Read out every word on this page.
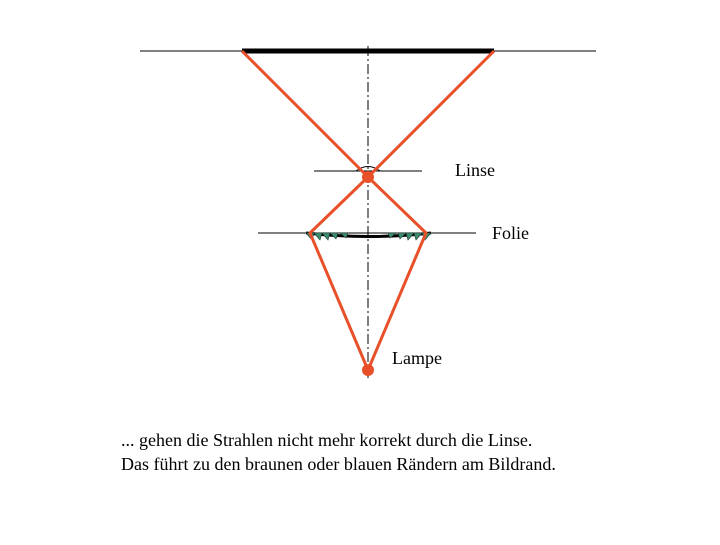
Linse
Folie
Lampe
... gehen die Strahlen nicht mehr korrekt durch die Linse.
Das führt zu den braunen oder blauen Rändern am Bildrand.
